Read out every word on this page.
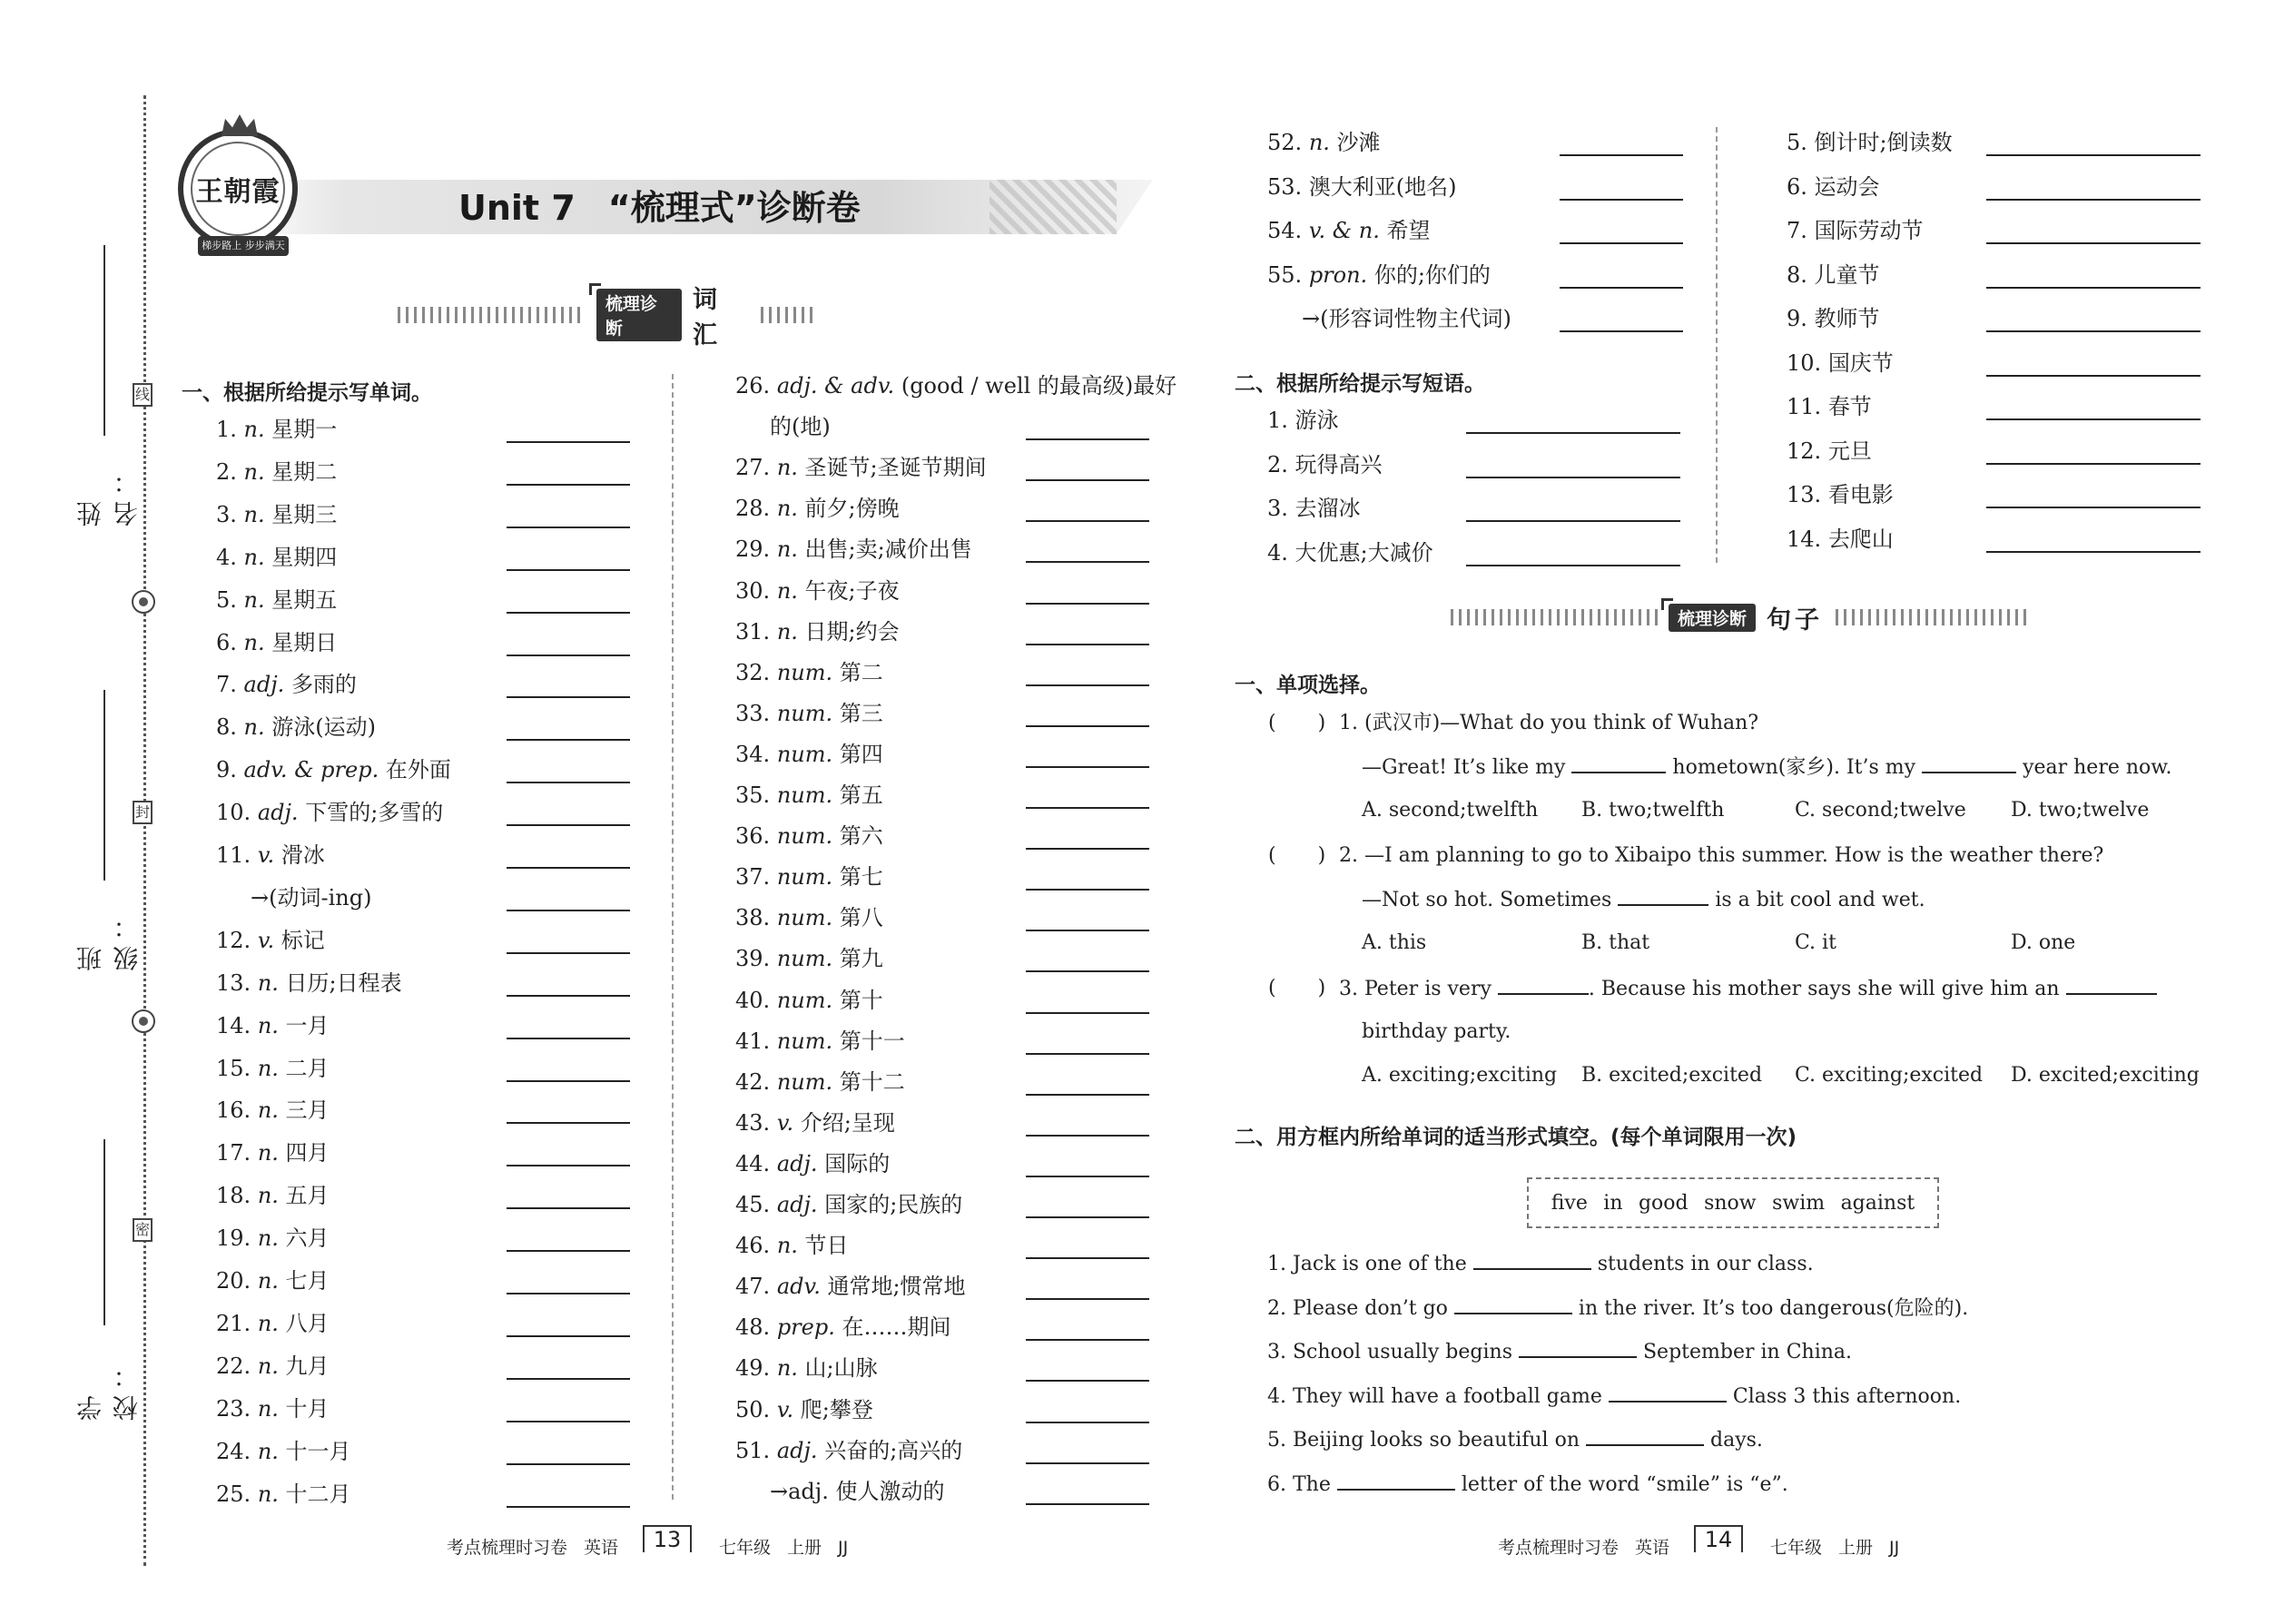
线
封
密
姓名：
班级：
学校：
王朝霞
梯步路上 步步满天
Unit 7 “梳理式”诊断卷
梳理诊断
词汇
一、根据所给提示写单词。
1. n. 星期一
2. n. 星期二
3. n. 星期三
4. n. 星期四
5. n. 星期五
6. n. 星期日
7. adj. 多雨的
8. n. 游泳(运动)
9. adv. & prep. 在外面
10. adj. 下雪的;多雪的
11. v. 滑冰
→(动词-ing)
12. v. 标记
13. n. 日历;日程表
14. n. 一月
15. n. 二月
16. n. 三月
17. n. 四月
18. n. 五月
19. n. 六月
20. n. 七月
21. n. 八月
22. n. 九月
23. n. 十月
24. n. 十一月
25. n. 十二月
26. adj. & adv. (good / well 的最高级)最好
的(地)
27. n. 圣诞节;圣诞节期间
28. n. 前夕;傍晚
29. n. 出售;卖;减价出售
30. n. 午夜;子夜
31. n. 日期;约会
32. num. 第二
33. num. 第三
34. num. 第四
35. num. 第五
36. num. 第六
37. num. 第七
38. num. 第八
39. num. 第九
40. num. 第十
41. num. 第十一
42. num. 第十二
43. v. 介绍;呈现
44. adj. 国际的
45. adj. 国家的;民族的
46. n. 节日
47. adv. 通常地;惯常地
48. prep. 在……期间
49. n. 山;山脉
50. v. 爬;攀登
51. adj. 兴奋的;高兴的
→adj. 使人激动的
52. n. 沙滩
53. 澳大利亚(地名)
54. v. & n. 希望
55. pron. 你的;你们的
→(形容词性物主代词)
二、根据所给提示写短语。
1. 游泳
2. 玩得高兴
3. 去溜冰
4. 大优惠;大减价
5. 倒计时;倒读数
6. 运动会
7. 国际劳动节
8. 儿童节
9. 教师节
10. 国庆节
11. 春节
12. 元旦
13. 看电影
14. 去爬山
梳理诊断 句子
一、单项选择。
( ) 1. (武汉市)—What do you think of Wuhan?
—Great! It’s like my	hometown(家乡). It’s my	year here now.
A. second;twelfth B. two;twelfth	C. second;twelve D. two;twelve
( ) 2. —I am planning to go to Xibaipo this summer. How is the weather there?
—Not so hot. Sometimes	is a bit cool and wet.
A. this	B. that	C. it	D. one
( ) 3. Peter is very	. Because his mother says she will give him an
birthday party.
A. exciting;exciting B. excited;excited C. exciting;excited D. excited;exciting
二、用方框内所给单词的适当形式填空。(每个单词限用一次)
five in good snow swim against
1. Jack is one of the	students in our class.
2. Please don’t go	in the river. It’s too dangerous(危险的).
3. School usually begins	September in China.
4. They will have a football game	Class 3 this afternoon.
5. Beijing looks so beautiful on	days.
6. The	letter of the word “smile” is “e”.
考点梳理时习卷 英语	13	七年级 上册 JJ	考点梳理时习卷 英语	14	七年级 上册 JJ
